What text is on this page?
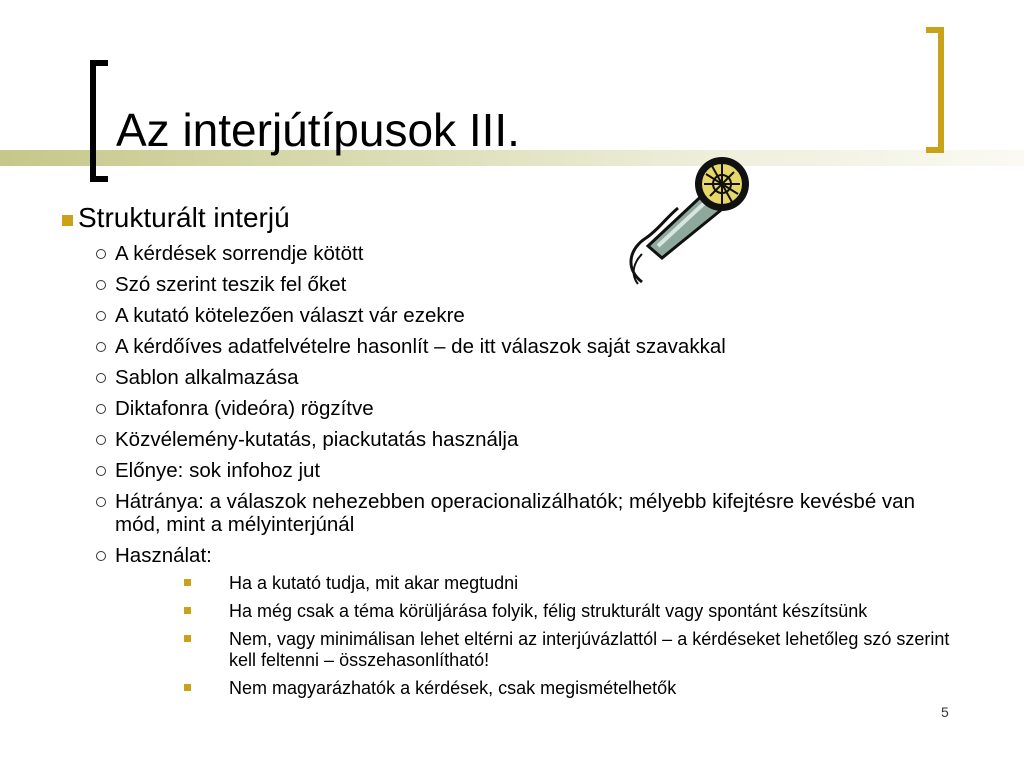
Az interjútípusok III.
Strukturált interjú
A kérdések sorrendje kötött
Szó szerint teszik fel őket
A kutató kötelezően választ vár ezekre
A kérdőíves adatfelvételre hasonlít – de itt válaszok saját szavakkal
Sablon alkalmazása
Diktafonra (videóra) rögzítve
Közvélemény-kutatás, piackutatás használja
Előnye: sok infohoz jut
Hátránya: a válaszok nehezebben operacionalizálhatók; mélyebb kifejtésre kevésbé van mód, mint a mélyinterjúnál
Használat:
Ha a kutató tudja, mit akar megtudni
Ha még csak a téma körüljárása folyik, félig strukturált vagy spontánt készítsünk
Nem, vagy minimálisan lehet eltérni az interjúvázlattól – a kérdéseket lehetőleg szó szerint kell feltenni – összehasonlítható!
Nem magyarázhatók a kérdések, csak megismételhetők
5
